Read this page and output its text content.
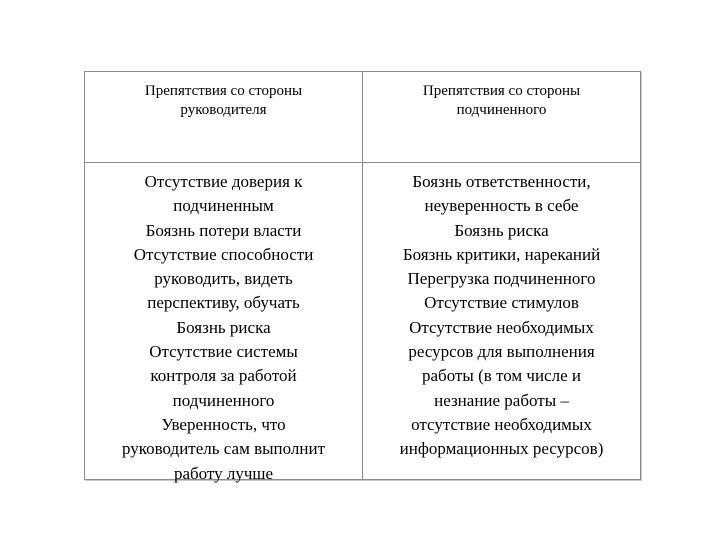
Препятствия со стороны
руководителя
Препятствия со стороны
подчиненного
Отсутствие доверия к
подчиненным
Боязнь потери власти
Отсутствие способности
руководить, видеть
перспективу, обучать
Боязнь риска
Отсутствие системы
контроля за работой
подчиненного
Уверенность, что
руководитель сам выполнит
работу лучше
Боязнь ответственности,
неуверенность в себе
Боязнь риска
Боязнь критики, нареканий
Перегрузка подчиненного
Отсутствие стимулов
Отсутствие необходимых
ресурсов для выполнения
работы (в том числе и
незнание работы –
отсутствие необходимых
информационных ресурсов)
